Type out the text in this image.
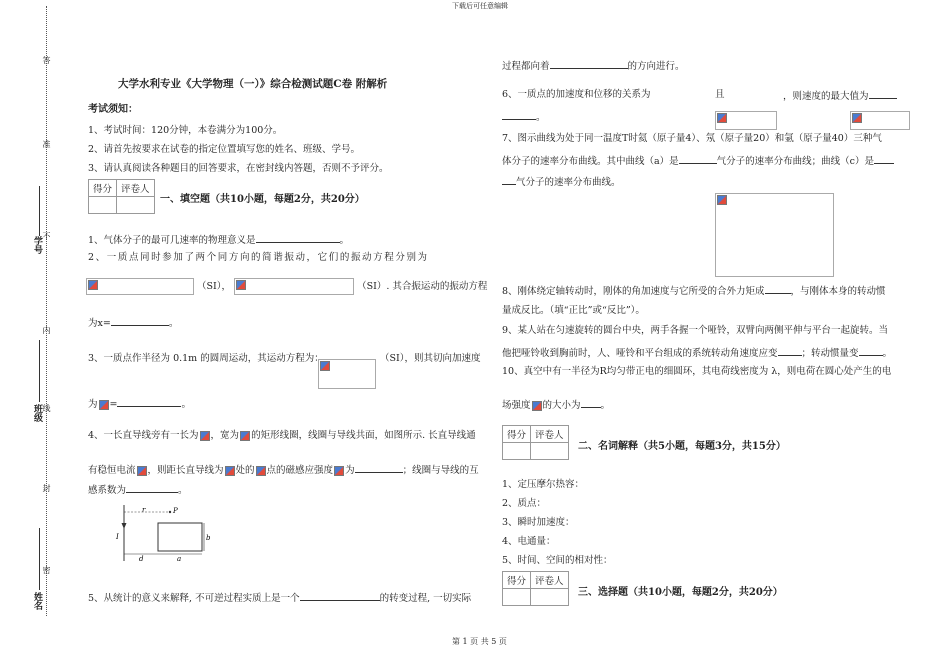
下载后可任意编辑
第 1 页 共 5 页
答
准
不
内
线
封
密
学号
班级
姓名
大学水利专业《大学物理（一）》综合检测试题C卷 附解析
考试须知：
1、考试时间：120分钟，本卷满分为100分。
2、请首先按要求在试卷的指定位置填写您的姓名、班级、学号。
3、请认真阅读各种题目的回答要求，在密封线内答题，否则不予评分。
得分	评卷人

一、填空题（共10小题，每题2分，共20分）
1、气体分子的最可几速率的物理意义是	。
2、一质点同时参加了两个同方向的简谐振动，它们的振动方程分别为
（SI），	（SI）. 其合振运动的振动方程
为x=	。

3、一质点作半径为 0.1m 的圆周运动，其运动方程为：	（SI），则其切向加速度
为 =	。
4、一长直导线旁有一长为 ，宽为 的矩形线圈，线圈与导线共面，如图所示. 长直导线通
有稳恒电流 ，则距长直导线为 处的 点的磁感应强度 为	；线圈与导线的互
感系数为	。
r	P
I	b
d	a
5、从统计的意义来解释, 不可逆过程实质上是一个	的转变过程, 一切实际
过程都向着	的方向进行。

6、一质点的加速度和位移的关系为	且	，则速度的最大值为
。
7、图示曲线为处于同一温度T时氦（原子量4）、氖（原子量20）和氩（原子量40）三种气
体分子的速率分布曲线。其中曲线（a）是	气分子的速率分布曲线；曲线（c）是
气分子的速率分布曲线。
8、刚体绕定轴转动时，刚体的角加速度与它所受的合外力矩成	，与刚体本身的转动惯
量成反比。（填“正比”或“反比”）。
9、某人站在匀速旋转的圆台中央，两手各握一个哑铃，双臂向两侧平伸与平台一起旋转。当
他把哑铃收到胸前时，人、哑铃和平台组成的系统转动角速度应变	；转动惯量变	。
10、真空中有一半径为R均匀带正电的细圆环，其电荷线密度为 λ，则电荷在圆心处产生的电
场强度 的大小为 。
得分	评卷人

二、名词解释（共5小题，每题3分，共15分）
1、定压摩尔热容：
2、质点：
3、瞬时加速度：
4、电通量：
5、时间、空间的相对性：
得分	评卷人

三、选择题（共10小题，每题2分，共20分）
